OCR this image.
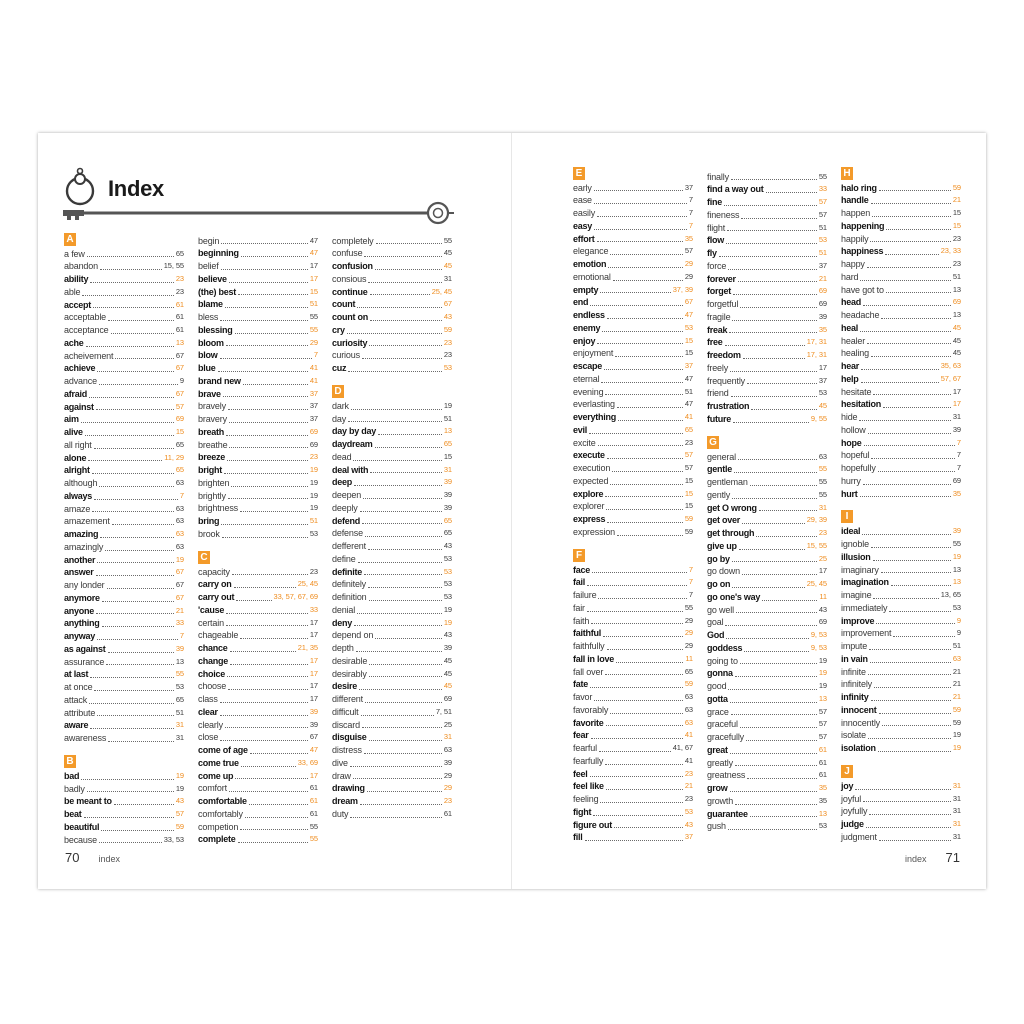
Index
70 index
A
a few	65
abandon	15, 55
ability	23
able	23
accept	61
acceptable	61
acceptance	61
ache	13
acheivement	67
achieve	67
advance	9
afraid	67
against	57
aim	69
alive	15
all right	65
alone	11, 29
alright	65
although	63
always	7
amaze	63
amazement	63
amazing	63
amazingly	63
another	19
answer	67
any londer	67
anymore	67
anyone	21
anything	33
anyway	7
as against	39
assurance	13
at last	55
at once	53
attack	65
attribute	51
aware	31
awareness	31
B
bad	19
badly	19
be meant to	43
beat	57
beautiful	59
because	33, 53
begin	47
beginning	47
belief	17
believe	17
(the) best	15
blame	51
bless	55
blessing	55
bloom	29
blow	7
blue	41
brand new	41
brave	37
bravely	37
bravery	37
breath	69
breathe	69
breeze	23
bright	19
brighten	19
brightly	19
brightness	19
bring	51
brook	53
C
capacity	23
carry on	25, 45
carry out	33, 57, 67, 69
'cause	33
certain	17
chageable	17
chance	21, 35
change	17
choice	17
choose	17
class	17
clear	39
clearly	39
close	67
come of age	47
come true	33, 69
come up	17
comfort	61
comfortable	61
comfortably	61
competion	55
complete	55
completely	55
confuse	45
confusion	45
consious	31
continue	25, 45
count	67
count on	43
cry	59
curiosity	23
curious	23
cuz	53
D
dark	19
day	51
day by day	13
daydream	65
dead	15
deal with	31
deep	39
deepen	39
deeply	39
defend	65
defense	65
defferent	43
define	53
definite	53
definitely	53
definition	53
denial	19
deny	19
depend on	43
depth	39
desirable	45
desirably	45
desire	45
different	69
difficult	7, 51
discard	25
disguise	31
distress	63
dive	39
draw	29
drawing	29
dream	23
duty	61
index 71
E
early	37
ease	7
easily	7
easy	7
effort	35
elegance	57
emotion	29
emotional	29
empty	37, 39
end	67
endless	47
enemy	53
enjoy	15
enjoyment	15
escape	37
eternal	47
evening	51
everlasting	47
everything	41
evil	65
excite	23
execute	57
execution	57
expected	15
explore	15
explorer	15
express	59
expression	59
F
face	7
fail	7
failure	7
fair	55
faith	29
faithful	29
faithfully	29
fall in love	11
fall over	65
fate	59
favor	63
favorably	63
favorite	63
fear	41
fearful	41, 67
fearfully	41
feel	23
feel like	21
feeling	23
fight	53
figure out	43
fill	37
finally	55
find a way out	33
fine	57
fineness	57
flight	51
flow	53
fly	51
force	37
forever	21
forget	69
forgetful	69
fragile	39
freak	35
free	17, 31
freedom	17, 31
freely	17
frequently	37
friend	53
frustration	45
future	9, 55
G
general	63
gentle	55
gentleman	55
gently	55
get O wrong	31
get over	29, 39
get through	23
give up	15, 55
go by	25
go down	17
go on	25, 45
go one's way	11
go well	43
goal	69
God	9, 53
goddess	9, 53
going to	19
gonna	19
good	19
gotta	13
grace	57
graceful	57
gracefully	57
great	61
greatly	61
greatness	61
grow	35
growth	35
guarantee	13
gush	53
H
halo ring	59
handle	21
happen	15
happening	15
happily	23
happiness	23, 33
happy	23
hard	51
have got to	13
head	69
headache	13
heal	45
healer	45
healing	45
hear	35, 63
help	57, 67
hesitate	17
hesitation	17
hide	31
hollow	39
hope	7
hopeful	7
hopefully	7
hurry	69
hurt	35
I
ideal	39
ignoble	55
illusion	19
imaginary	13
imagination	13
imagine	13, 65
immediately	53
improve	9
improvement	9
impute	51
in vain	63
infinite	21
infinitely	21
infinity	21
innocent	59
innocently	59
isolate	19
isolation	19
J
joy	31
joyful	31
joyfully	31
judge	31
judgment	31
